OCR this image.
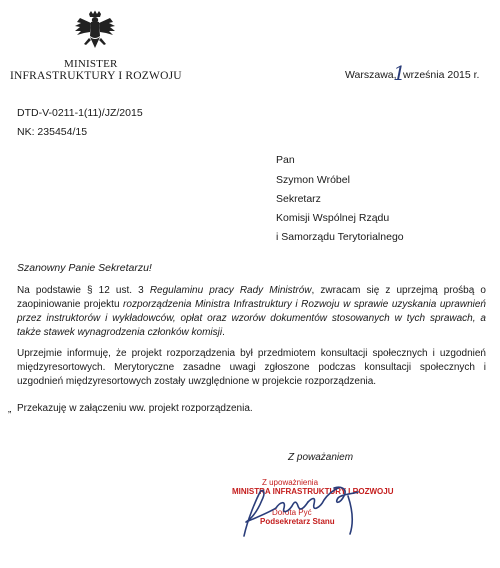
MINISTER
INFRASTRUKTURY I ROZWOJU	Warszawa,
1
września 2015 r.
DTD-V-0211-1(11)/JZ/2015
NK: 235454/15
Pan
Szymon Wróbel
Sekretarz
Komisji Wspólnej Rządu
i Samorządu Terytorialnego
Szanowny Panie Sekretarzu!
Na podstawie § 12 ust. 3 Regulaminu pracy Rady Ministrów, zwracam się z uprzejmą prośbą o zaopiniowanie projektu rozporządzenia Ministra Infrastruktury i Rozwoju w sprawie uzyskania uprawnień przez instruktorów i wykładowców, opłat oraz wzorów dokumentów stosowanych w tych sprawach, a także stawek wynagrodzenia członków komisji.
Uprzejmie informuję, że projekt rozporządzenia był przedmiotem konsultacji społecznych i uzgodnień międzyresortowych. Merytoryczne zasadne uwagi zgłoszone podczas konsultacji społecznych i uzgodnień międzyresortowych zostały uwzględnione w projekcie rozporządzenia.
„ Przekazuję w załączeniu ww. projekt rozporządzenia.
Z poważaniem
Z upoważnienia
MINISTRA INFRASTRUKTURY I ROZWOJU
Dorota Pyć
Podsekretarz Stanu
